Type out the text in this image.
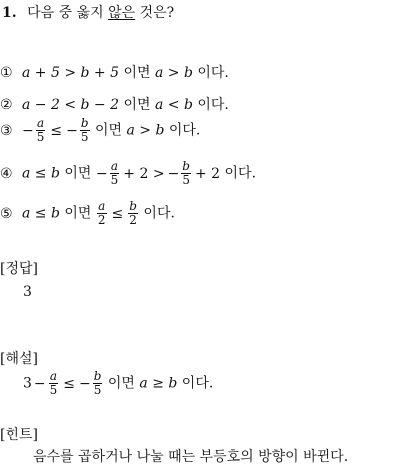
1. 다음 중 옳지 않은 것은?
① a + 5 > b + 5 이면 a > b 이다.
② a − 2 < b − 2 이면 a < b 이다.
③ − $\frac{a}{5}$ ≤ − $\frac{b}{5}$ 이면 a > b 이다.
④ a ≤ b 이면 − $\frac{a}{5} + 2$ > − $\frac{b}{5} + 2$ 이다.
⑤ a ≤ b 이면 $\frac{a}{2} \le \frac{b}{2}$ 이다.
[정답]
3
[해설]
$3 - \frac{a}{5}$ ≤ − $\frac{b}{5}$ 이면 a ≥ b 이다.
[힌트]
음수를 곱하거나 나눌 때는 부등호의 방향이 바뀐다.
